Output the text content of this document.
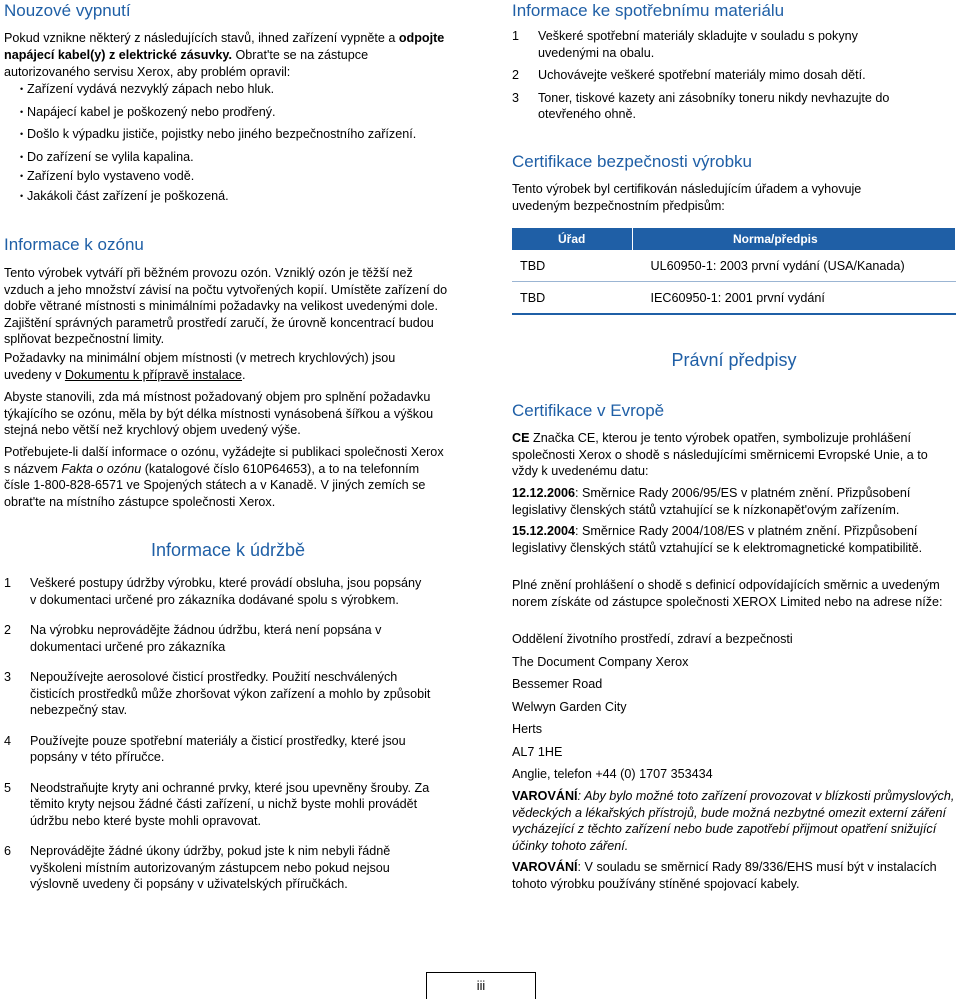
Nouzové vypnutí

Pokud vznikne některý z následujících stavů, ihned zařízení vypněte a odpojte napájecí kabel(y) z elektrické zásuvky. Obrat'te se na zástupce autorizovaného servisu Xerox, aby problém opravil:

• Zařízení vydává nezvyklý zápach nebo hluk.
• Napájecí kabel je poškozený nebo prodřený.
• Došlo k výpadku jističe, pojistky nebo jiného bezpečnostního zařízení.
• Do zařízení se vylila kapalina.
• Zařízení bylo vystaveno vodě.
• Jakákoli část zařízení je poškozená.
Informace k ozónu

Tento výrobek vytváří při běžném provozu ozón. Vzniklý ozón je těžší než vzduch a jeho množství závisí na počtu vytvořených kopií. Umístěte zařízení do dobře větrané místnosti s minimálními požadavky na velikost uvedenými dole. Zajištění správných parametrů prostředí zaručí, že úrovně koncentrací budou splňovat bezpečnostní limity.

Požadavky na minimální objem místnosti (v metrech krychlových) jsou uvedeny v Dokumentu k přípravě instalace.

Abyste stanovili, zda má místnost požadovaný objem pro splnění požadavku týkajícího se ozónu, měla by být délka místnosti vynásobená šířkou a výškou stejná nebo větší než krychlový objem uvedený výše.

Potřebujete-li další informace o ozónu, vyžádejte si publikaci společnosti Xerox s názvem Fakta o ozónu (katalogové číslo 610P64653), a to na telefonním čísle 1-800-828-6571 ve Spojených státech a v Kanadě. V jiných zemích se obrat'te na místního zástupce společnosti Xerox.

Informace k údržbě
1	Veškeré postupy údržby výrobku, které provádí obsluha, jsou popsány v dokumentaci určené pro zákazníka dodávané spolu s výrobkem.
2	Na výrobku neprovádějte žádnou údržbu, která není popsána v dokumentaci určené pro zákazníka
3	Nepoužívejte aerosolové čisticí prostředky. Použití neschválených čisticích prostředků může zhoršovat výkon zařízení a mohlo by způsobit nebezpečný stav.
4	Používejte pouze spotřební materiály a čisticí prostředky, které jsou popsány v této příručce.
5	Neodstraňujte kryty ani ochranné prvky, které jsou upevněny šrouby. Za těmito kryty nejsou žádné části zařízení, u nichž byste mohli provádět údržbu nebo které byste mohli opravovat.
6	Neprovádějte žádné úkony údržby, pokud jste k nim nebyli řádně vyškoleni místním autorizovaným zástupcem nebo pokud nejsou výslovně uvedeny či popsány v uživatelských příručkách.
Informace ke spotřebnímu materiálu
1	Veškeré spotřební materiály skladujte v souladu s pokyny uvedenými na obalu.
2	Uchovávejte veškeré spotřební materiály mimo dosah dětí.
3	Toner, tiskové kazety ani zásobníky toneru nikdy nevhazujte do otevřeného ohně.
Certifikace bezpečnosti výrobku

Tento výrobek byl certifikován následujícím úřadem a vyhovuje uvedeným bezpečnostním předpisům:

Úřad	Norma/předpis
TBD	UL60950-1: 2003 první vydání (USA/Kanada)
TBD	IEC60950-1: 2001 první vydání
Právní předpisy
Certifikace v Evropě

CE Značka CE, kterou je tento výrobek opatřen, symbolizuje prohlášení společnosti Xerox o shodě s následujícími směrnicemi Evropské Unie, a to vždy k uvedenému datu:

12.12.2006: Směrnice Rady 2006/95/ES v platném znění. Přizpůsobení legislativy členských států vztahující se k nízkonapět'ovým zařízením.

15.12.2004: Směrnice Rady 2004/108/ES v platném znění. Přizpůsobení legislativy členských států vztahující se k elektromagnetické kompatibilitě.

Plné znění prohlášení o shodě s definicí odpovídajících směrnic a uvedeným norem získáte od zástupce společnosti XEROX Limited nebo na adrese níže:

Oddělení životního prostředí, zdraví a bezpečnosti

The Document Company Xerox

Bessemer Road

Welwyn Garden City

Herts

AL7 1HE

Anglie, telefon +44 (0) 1707 353434

VAROVÁNÍ: Aby bylo možné toto zařízení provozovat v blízkosti průmyslových, vědeckých a lékařských přístrojů, bude možná nezbytné omezit externí záření vycházející z těchto zařízení nebo bude zapotřebí přijmout opatření snižující účinky tohoto záření.

VAROVÁNÍ: V souladu se směrnicí Rady 89/336/EHS musí být v instalacích tohoto výrobku používány stíněné spojovací kabely.

iii
